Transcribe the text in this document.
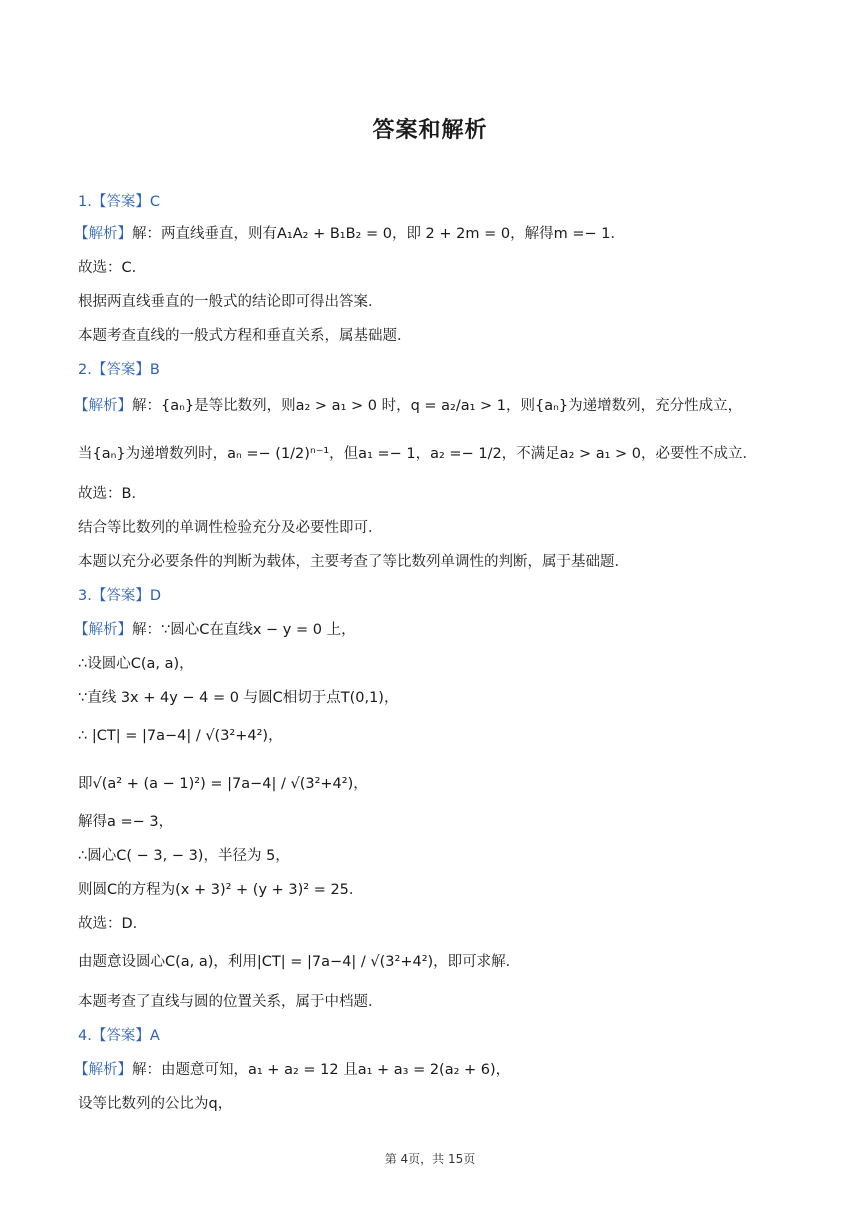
答案和解析
1.【答案】C
【解析】解：两直线垂直，则有A₁A₂ + B₁B₂ = 0，即 2 + 2m = 0，解得m =− 1．
故选：C．
根据两直线垂直的一般式的结论即可得出答案．
本题考查直线的一般式方程和垂直关系，属基础题．
2.【答案】B
【解析】解：{aₙ}是等比数列，则a₂ > a₁ > 0 时，q = a₂/a₁ > 1，则{aₙ}为递增数列，充分性成立，
当{aₙ}为递增数列时，aₙ =− (1/2)ⁿ⁻¹，但a₁ =− 1，a₂ =− 1/2，不满足a₂ > a₁ > 0，必要性不成立．
故选：B．
结合等比数列的单调性检验充分及必要性即可．
本题以充分必要条件的判断为载体，主要考查了等比数列单调性的判断，属于基础题．
3.【答案】D
【解析】解：∵圆心C在直线x − y = 0 上，
∴设圆心C(a, a)，
∵直线 3x + 4y − 4 = 0 与圆C相切于点T(0,1)，
∴ |CT| = |7a−4| / √(3²+4²)，
即√(a² + (a − 1)²) = |7a−4| / √(3²+4²)，
解得a =− 3，
∴圆心C( − 3, − 3)，半径为 5，
则圆C的方程为(x + 3)² + (y + 3)² = 25．
故选：D．
由题意设圆心C(a, a)，利用|CT| = |7a−4| / √(3²+4²)，即可求解．
本题考查了直线与圆的位置关系，属于中档题．
4.【答案】A
【解析】解：由题意可知，a₁ + a₂ = 12 且a₁ + a₃ = 2(a₂ + 6)，
设等比数列的公比为q，
第 4页，共 15页
